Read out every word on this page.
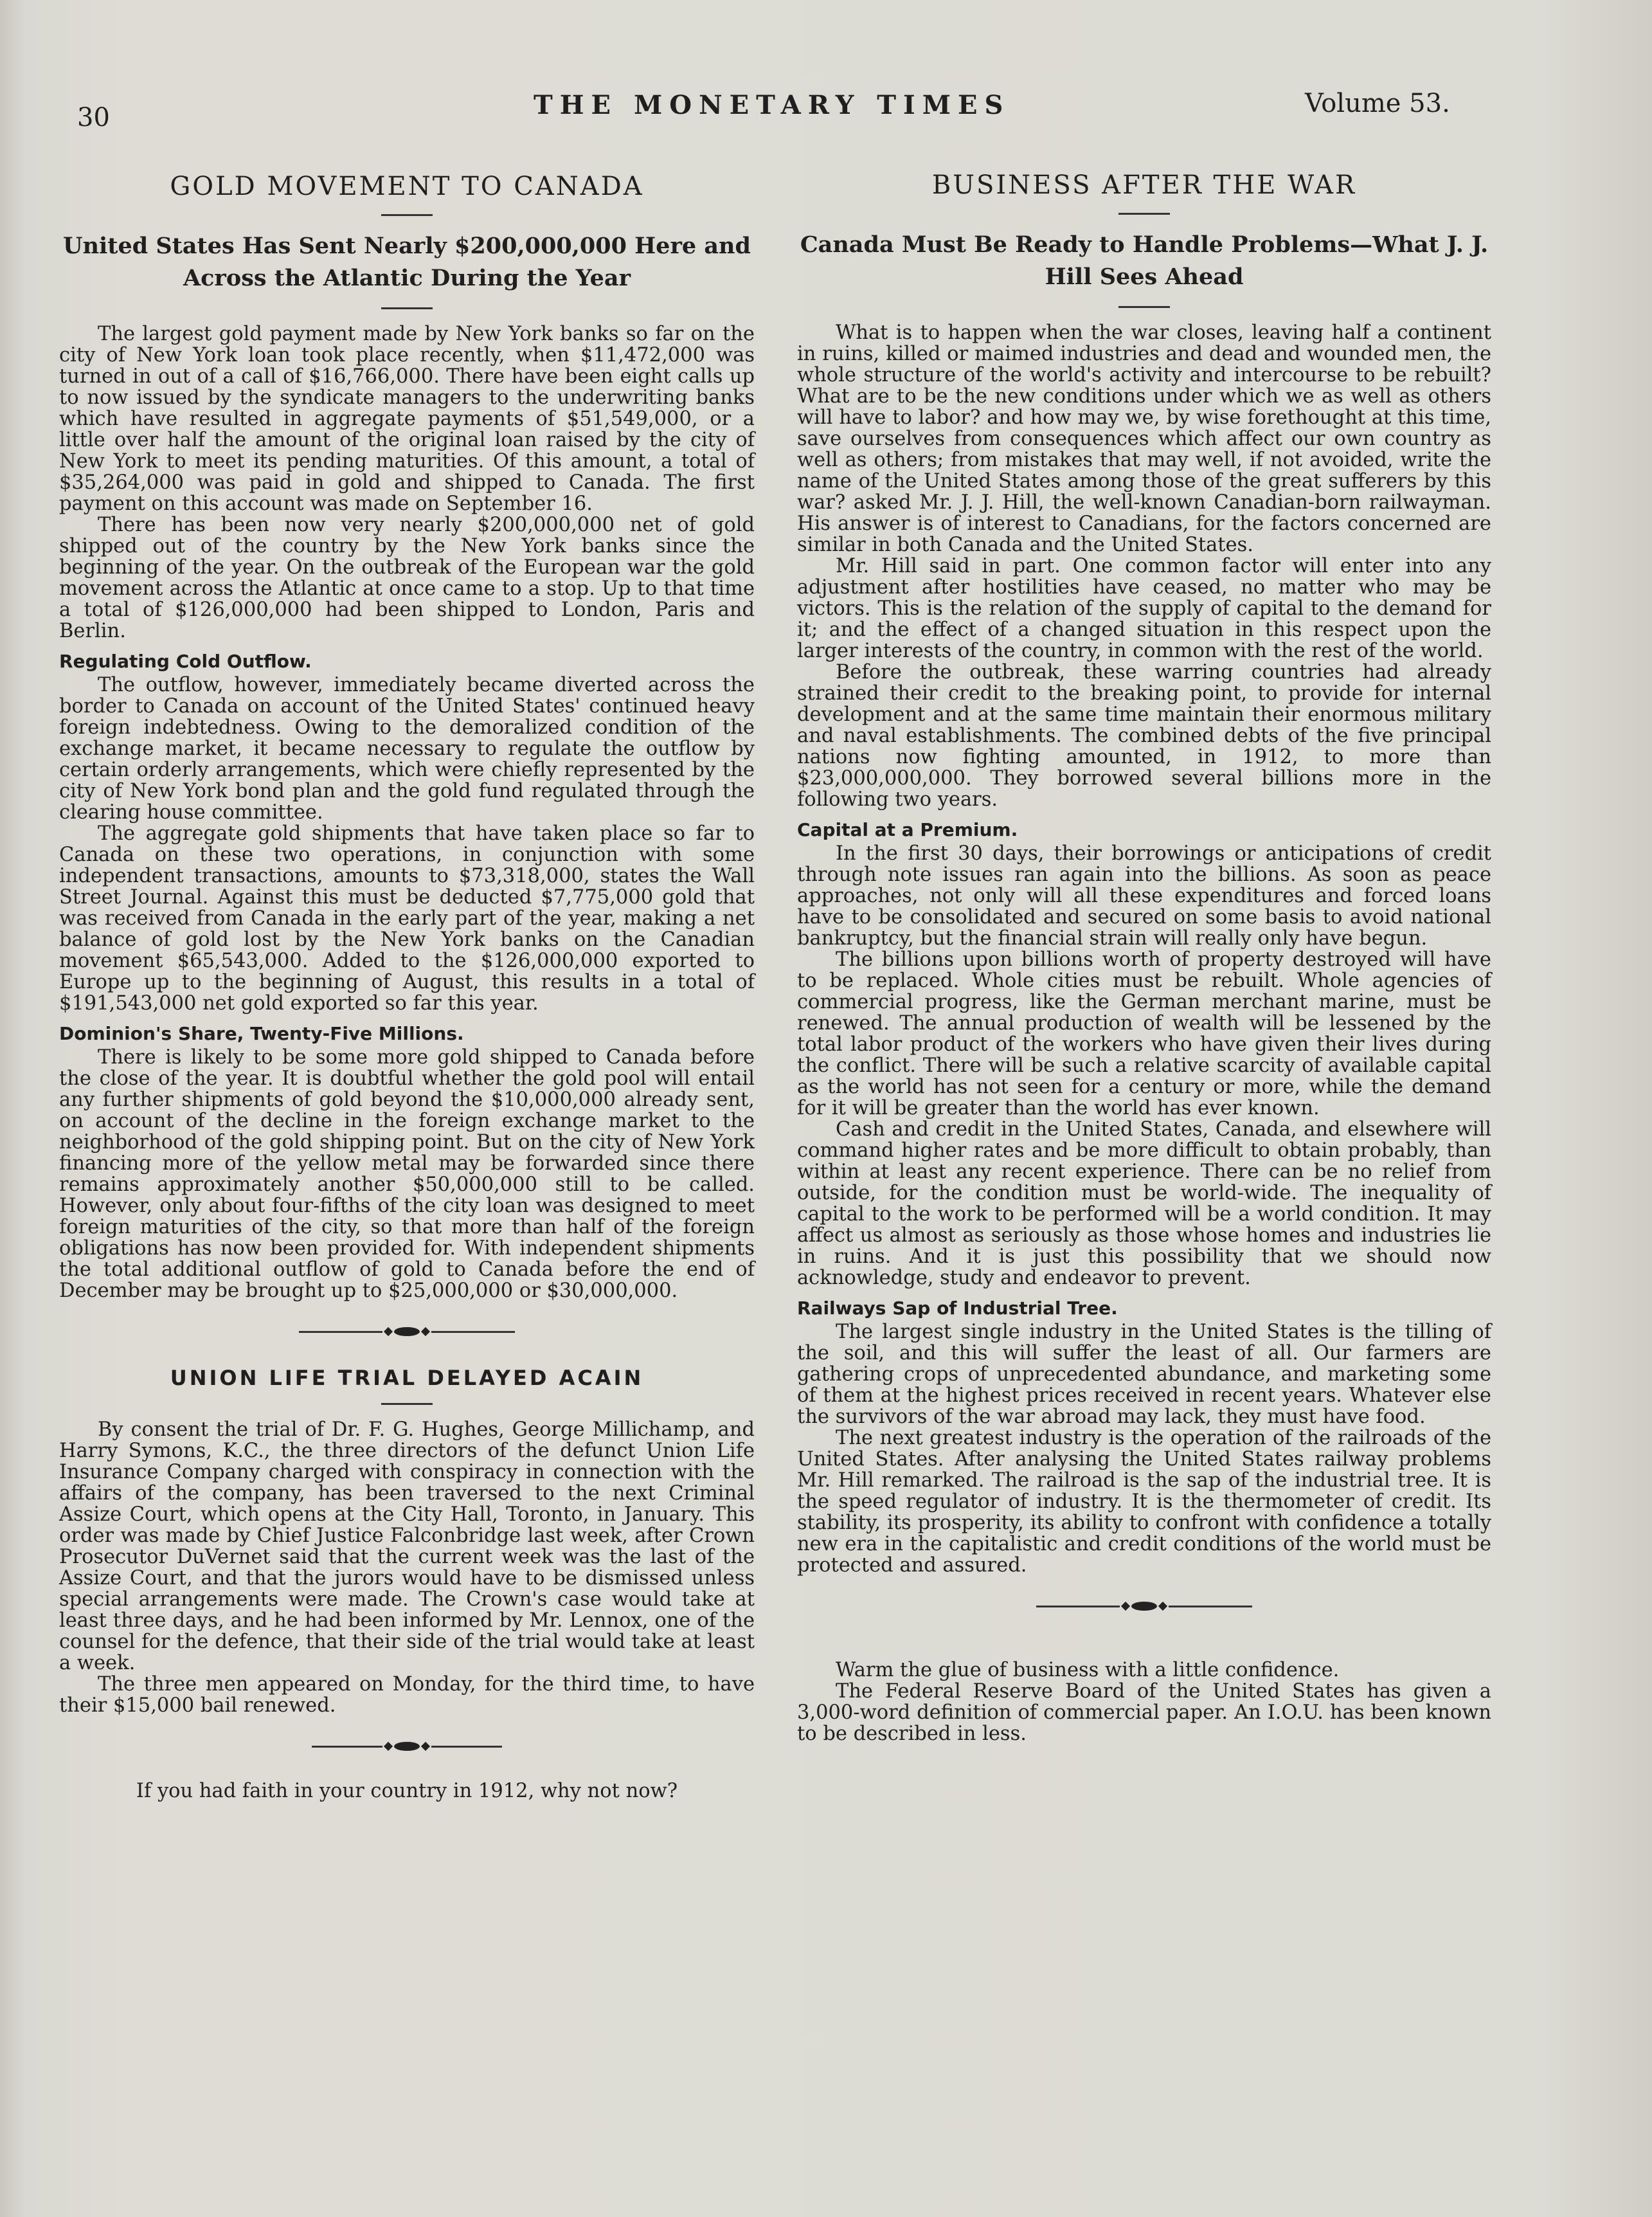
30	THE MONETARY TIMES	Volume 53.
GOLD MOVEMENT TO CANADA
United States Has Sent Nearly $200,000,000 Here and Across the Atlantic During the Year

The largest gold payment made by New York banks so far on the city of New York loan took place recently, when $11,472,000 was turned in out of a call of $16,766,000. There have been eight calls up to now issued by the syndicate managers to the underwriting banks which have resulted in aggregate payments of $51,549,000, or a little over half the amount of the original loan raised by the city of New York to meet its pending maturities. Of this amount, a total of $35,264,000 was paid in gold and shipped to Canada. The first payment on this account was made on September 16.

There has been now very nearly $200,000,000 net of gold shipped out of the country by the New York banks since the beginning of the year. On the outbreak of the European war the gold movement across the Atlantic at once came to a stop. Up to that time a total of $126,000,000 had been shipped to London, Paris and Berlin.

Regulating Cold Outflow.

The outflow, however, immediately became diverted across the border to Canada on account of the United States' continued heavy foreign indebtedness. Owing to the demoralized condition of the exchange market, it became necessary to regulate the outflow by certain orderly arrangements, which were chiefly represented by the city of New York bond plan and the gold fund regulated through the clearing house committee.

The aggregate gold shipments that have taken place so far to Canada on these two operations, in conjunction with some independent transactions, amounts to $73,318,000, states the Wall Street Journal. Against this must be deducted $7,775,000 gold that was received from Canada in the early part of the year, making a net balance of gold lost by the New York banks on the Canadian movement $65,543,000. Added to the $126,000,000 exported to Europe up to the beginning of August, this results in a total of $191,543,000 net gold exported so far this year.

Dominion's Share, Twenty-Five Millions.

There is likely to be some more gold shipped to Canada before the close of the year. It is doubtful whether the gold pool will entail any further shipments of gold beyond the $10,000,000 already sent, on account of the decline in the foreign exchange market to the neighborhood of the gold shipping point. But on the city of New York financing more of the yellow metal may be forwarded since there remains approximately another $50,000,000 still to be called. However, only about four-fifths of the city loan was designed to meet foreign maturities of the city, so that more than half of the foreign obligations has now been provided for. With independent shipments the total additional outflow of gold to Canada before the end of December may be brought up to $25,000,000 or $30,000,000.

UNION LIFE TRIAL DELAYED ACAIN

By consent the trial of Dr. F. G. Hughes, George Millichamp, and Harry Symons, K.C., the three directors of the defunct Union Life Insurance Company charged with conspiracy in connection with the affairs of the company, has been traversed to the next Criminal Assize Court, which opens at the City Hall, Toronto, in January. This order was made by Chief Justice Falconbridge last week, after Crown Prosecutor DuVernet said that the current week was the last of the Assize Court, and that the jurors would have to be dismissed unless special arrangements were made. The Crown's case would take at least three days, and he had been informed by Mr. Lennox, one of the counsel for the defence, that their side of the trial would take at least a week.

The three men appeared on Monday, for the third time, to have their $15,000 bail renewed.

If you had faith in your country in 1912, why not now?

BUSINESS AFTER THE WAR
Canada Must Be Ready to Handle Problems—What J. J. Hill Sees Ahead

What is to happen when the war closes, leaving half a continent in ruins, killed or maimed industries and dead and wounded men, the whole structure of the world's activity and intercourse to be rebuilt? What are to be the new conditions under which we as well as others will have to labor? and how may we, by wise forethought at this time, save ourselves from consequences which affect our own country as well as others; from mistakes that may well, if not avoided, write the name of the United States among those of the great sufferers by this war? asked Mr. J. J. Hill, the well-known Canadian-born railwayman. His answer is of interest to Canadians, for the factors concerned are similar in both Canada and the United States.

Mr. Hill said in part. One common factor will enter into any adjustment after hostilities have ceased, no matter who may be victors. This is the relation of the supply of capital to the demand for it; and the effect of a changed situation in this respect upon the larger interests of the country, in common with the rest of the world.

Before the outbreak, these warring countries had already strained their credit to the breaking point, to provide for internal development and at the same time maintain their enormous military and naval establishments. The combined debts of the five principal nations now fighting amounted, in 1912, to more than $23,000,000,000. They borrowed several billions more in the following two years.

Capital at a Premium.

In the first 30 days, their borrowings or anticipations of credit through note issues ran again into the billions. As soon as peace approaches, not only will all these expenditures and forced loans have to be consolidated and secured on some basis to avoid national bankruptcy, but the financial strain will really only have begun.

The billions upon billions worth of property destroyed will have to be replaced. Whole cities must be rebuilt. Whole agencies of commercial progress, like the German merchant marine, must be renewed. The annual production of wealth will be lessened by the total labor product of the workers who have given their lives during the conflict. There will be such a relative scarcity of available capital as the world has not seen for a century or more, while the demand for it will be greater than the world has ever known.

Cash and credit in the United States, Canada, and elsewhere will command higher rates and be more difficult to obtain probably, than within at least any recent experience. There can be no relief from outside, for the condition must be world-wide. The inequality of capital to the work to be performed will be a world condition. It may affect us almost as seriously as those whose homes and industries lie in ruins. And it is just this possibility that we should now acknowledge, study and endeavor to prevent.

Railways Sap of Industrial Tree.

The largest single industry in the United States is the tilling of the soil, and this will suffer the least of all. Our farmers are gathering crops of unprecedented abundance, and marketing some of them at the highest prices received in recent years. Whatever else the survivors of the war abroad may lack, they must have food.

The next greatest industry is the operation of the railroads of the United States. After analysing the United States railway problems Mr. Hill remarked. The railroad is the sap of the industrial tree. It is the speed regulator of industry. It is the thermometer of credit. Its stability, its prosperity, its ability to confront with confidence a totally new era in the capitalistic and credit conditions of the world must be protected and assured.

Warm the glue of business with a little confidence.

The Federal Reserve Board of the United States has given a 3,000-word definition of commercial paper. An I.O.U. has been known to be described in less.
